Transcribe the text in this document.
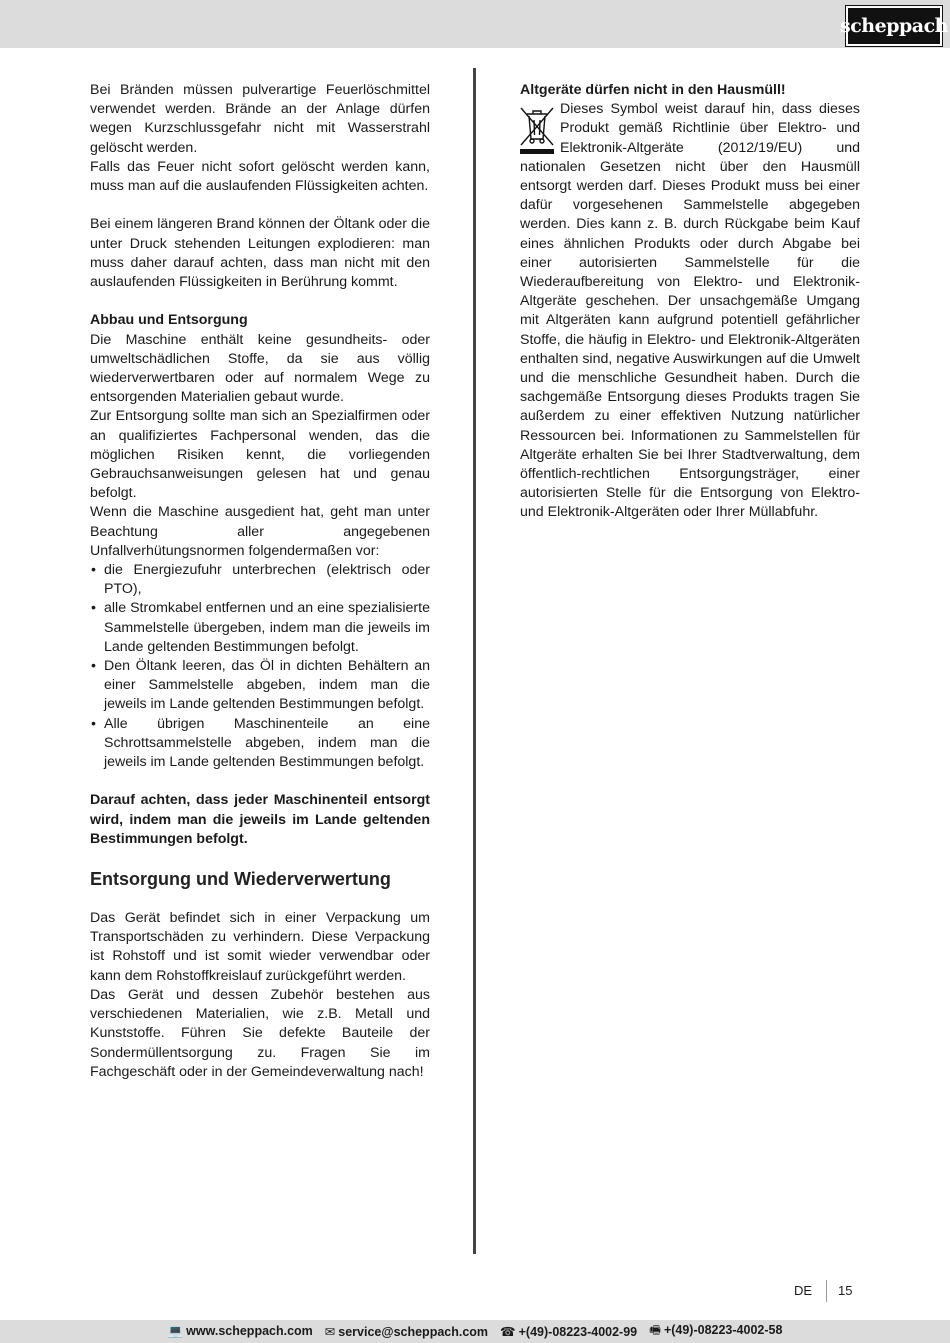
scheppach

Bei Bränden müssen pulverartige Feuerlöschmittel verwendet werden. Brände an der Anlage dürfen wegen Kurzschlussgefahr nicht mit Wasserstrahl gelöscht werden.

Falls das Feuer nicht sofort gelöscht werden kann, muss man auf die auslaufenden Flüssigkeiten achten.

Bei einem längeren Brand können der Öltank oder die unter Druck stehenden Leitungen explodieren: man muss daher darauf achten, dass man nicht mit den auslaufenden Flüssigkeiten in Berührung kommt.

Abbau und Entsorgung

Die Maschine enthält keine gesundheits- oder umweltschädlichen Stoffe, da sie aus völlig wiederverwertbaren oder auf normalem Wege zu entsorgenden Materialien gebaut wurde.

Zur Entsorgung sollte man sich an Spezialfirmen oder an qualifiziertes Fachpersonal wenden, das die möglichen Risiken kennt, die vorliegenden Gebrauchsanweisungen gelesen hat und genau befolgt.

Wenn die Maschine ausgedient hat, geht man unter Beachtung aller angegebenen Unfallverhütungsnormen folgendermaßen vor:

• die Energiezufuhr unterbrechen (elektrisch oder PTO),
• alle Stromkabel entfernen und an eine spezialisierte Sammelstelle übergeben, indem man die jeweils im Lande geltenden Bestimmungen befolgt.
• Den Öltank leeren, das Öl in dichten Behältern an einer Sammelstelle abgeben, indem man die jeweils im Lande geltenden Bestimmungen befolgt.
• Alle übrigen Maschinenteile an eine Schrottsammelstelle abgeben, indem man die jeweils im Lande geltenden Bestimmungen befolgt.

Darauf achten, dass jeder Maschinenteil entsorgt wird, indem man die jeweils im Lande geltenden Bestimmungen befolgt.

Entsorgung und Wiederverwertung

Das Gerät befindet sich in einer Verpackung um Transportschäden zu verhindern. Diese Verpackung ist Rohstoff und ist somit wieder verwendbar oder kann dem Rohstoffkreislauf zurückgeführt werden.

Das Gerät und dessen Zubehör bestehen aus verschiedenen Materialien, wie z.B. Metall und Kunststoffe. Führen Sie defekte Bauteile der Sondermüllentsorgung zu. Fragen Sie im Fachgeschäft oder in der Gemeindeverwaltung nach!

Altgeräte dürfen nicht in den Hausmüll!

Dieses Symbol weist darauf hin, dass dieses Produkt gemäß Richtlinie über Elektro- und Elektronik-Altgeräte (2012/19/EU) und nationalen Gesetzen nicht über den Hausmüll entsorgt werden darf. Dieses Produkt muss bei einer dafür vorgesehenen Sammelstelle abgegeben werden. Dies kann z. B. durch Rückgabe beim Kauf eines ähnlichen Produkts oder durch Abgabe bei einer autorisierten Sammelstelle für die Wiederaufbereitung von Elektro- und Elektronik- Altgeräte geschehen. Der unsachgemäße Umgang mit Altgeräten kann aufgrund potentiell gefährlicher Stoffe, die häufig in Elektro- und Elektronik-Altgeräten enthalten sind, negative Auswirkungen auf die Umwelt und die menschliche Gesundheit haben. Durch die sachgemäße Entsorgung dieses Produkts tragen Sie außerdem zu einer effektiven Nutzung natürlicher Ressourcen bei. Informationen zu Sammelstellen für Altgeräte erhalten Sie bei Ihrer Stadtverwaltung, dem öffentlich-rechtlichen Entsorgungsträger, einer autorisierten Stelle für die Entsorgung von Elektro- und Elektronik-Altgeräten oder Ihrer Müllabfuhr.

DE 15
💻 www.scheppach.com ✉ service@scheppach.com ☎ +(49)-08223-4002-99 🖷 +(49)-08223-4002-58
